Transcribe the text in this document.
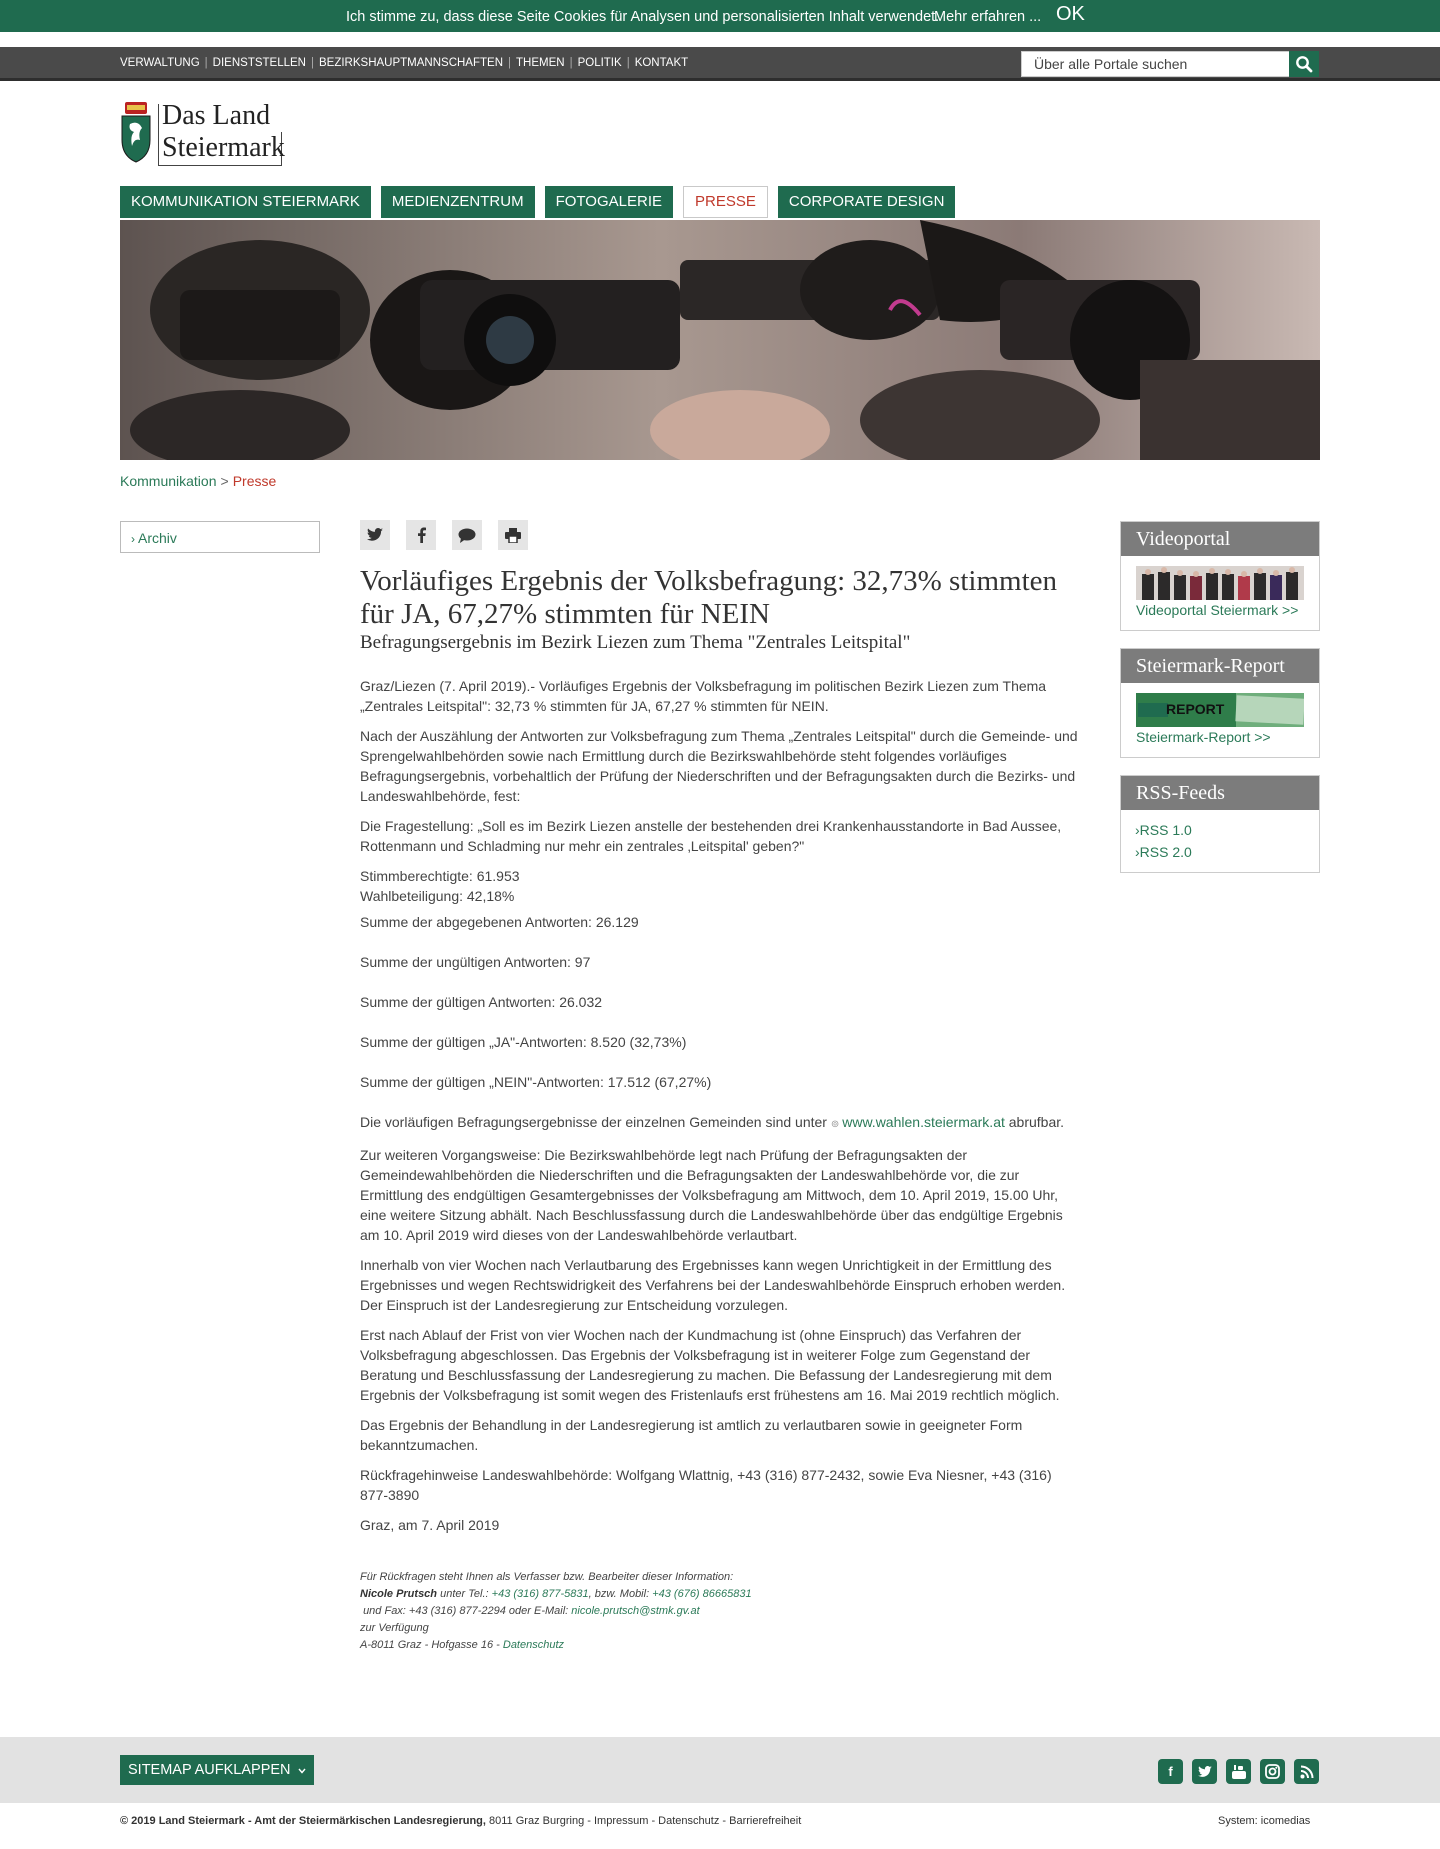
Ich stimme zu, dass diese Seite Cookies für Analysen und personalisierten Inhalt verwendet.
Mehr erfahren ... OK
VERWALTUNG | DIENSTSTELLEN | BEZIRKSHAUPTMANNSCHAFTEN | THEMEN | POLITIK | KONTAKT
Über alle Portale suchen
Das Land
Steiermark
KOMMUNIKATION STEIERMARK	MEDIENZENTRUM	FOTOGALERIE	PRESSE	CORPORATE DESIGN
Kommunikation > Presse
› Archiv
Vorläufiges Ergebnis der Volksbefragung: 32,73% stimmten für JA, 67,27% stimmten für NEIN
Befragungsergebnis im Bezirk Liezen zum Thema "Zentrales Leitspital"

Graz/Liezen (7. April 2019).- Vorläufiges Ergebnis der Volksbefragung im politischen Bezirk Liezen zum Thema „Zentrales Leitspital": 32,73 % stimmten für JA, 67,27 % stimmten für NEIN.

Nach der Auszählung der Antworten zur Volksbefragung zum Thema „Zentrales Leitspital" durch die Gemeinde- und Sprengelwahlbehörden sowie nach Ermittlung durch die Bezirkswahlbehörde steht folgendes vorläufiges Befragungsergebnis, vorbehaltlich der Prüfung der Niederschriften und der Befragungsakten durch die Bezirks- und Landeswahlbehörde, fest:

Die Fragestellung: „Soll es im Bezirk Liezen anstelle der bestehenden drei Krankenhausstandorte in Bad Aussee, Rottenmann und Schladming nur mehr ein zentrales ‚Leitspital' geben?"

Stimmberechtigte: 61.953
Wahlbeteiligung: 42,18%

Summe der abgegebenen Antworten: 26.129

Summe der ungültigen Antworten: 97

Summe der gültigen Antworten: 26.032

Summe der gültigen „JA"-Antworten: 8.520 (32,73%)

Summe der gültigen „NEIN"-Antworten: 17.512 (67,27%)

Die vorläufigen Befragungsergebnisse der einzelnen Gemeinden sind unter ⊚ www.wahlen.steiermark.at abrufbar.

Zur weiteren Vorgangsweise: Die Bezirkswahlbehörde legt nach Prüfung der Befragungsakten der Gemeindewahlbehörden die Niederschriften und die Befragungsakten der Landeswahlbehörde vor, die zur Ermittlung des endgültigen Gesamtergebnisses der Volksbefragung am Mittwoch, dem 10. April 2019, 15.00 Uhr, eine weitere Sitzung abhält. Nach Beschlussfassung durch die Landeswahlbehörde über das endgültige Ergebnis am 10. April 2019 wird dieses von der Landeswahlbehörde verlautbart.

Innerhalb von vier Wochen nach Verlautbarung des Ergebnisses kann wegen Unrichtigkeit in der Ermittlung des Ergebnisses und wegen Rechtswidrigkeit des Verfahrens bei der Landeswahlbehörde Einspruch erhoben werden. Der Einspruch ist der Landesregierung zur Entscheidung vorzulegen.

Erst nach Ablauf der Frist von vier Wochen nach der Kundmachung ist (ohne Einspruch) das Verfahren der Volksbefragung abgeschlossen. Das Ergebnis der Volksbefragung ist in weiterer Folge zum Gegenstand der Beratung und Beschlussfassung der Landesregierung zu machen. Die Befassung der Landesregierung mit dem Ergebnis der Volksbefragung ist somit wegen des Fristenlaufs erst frühestens am 16. Mai 2019 rechtlich möglich.

Das Ergebnis der Behandlung in der Landesregierung ist amtlich zu verlautbaren sowie in geeigneter Form bekanntzumachen.

Rückfragehinweise Landeswahlbehörde: Wolfgang Wlattnig, +43 (316) 877-2432, sowie Eva Niesner, +43 (316) 877-3890

Graz, am 7. April 2019

Für Rückfragen steht Ihnen als Verfasser bzw. Bearbeiter dieser Information:
Nicole Prutsch unter Tel.: +43 (316) 877-5831, bzw. Mobil: +43 (676) 86665831
und Fax: +43 (316) 877-2294 oder E-Mail: nicole.prutsch@stmk.gv.at
zur Verfügung
A-8011 Graz - Hofgasse 16 - Datenschutz
Videoportal
Videoportal Steiermark >>
Steiermark-Report
REPORT
Steiermark-Report >>
RSS-Feeds
›RSS 1.0
›RSS 2.0
SITEMAP AUFKLAPPEN	f
© 2019 Land Steiermark - Amt der Steiermärkischen Landesregierung, 8011 Graz Burgring - Impressum - Datenschutz - Barrierefreiheit	System: icomedias
